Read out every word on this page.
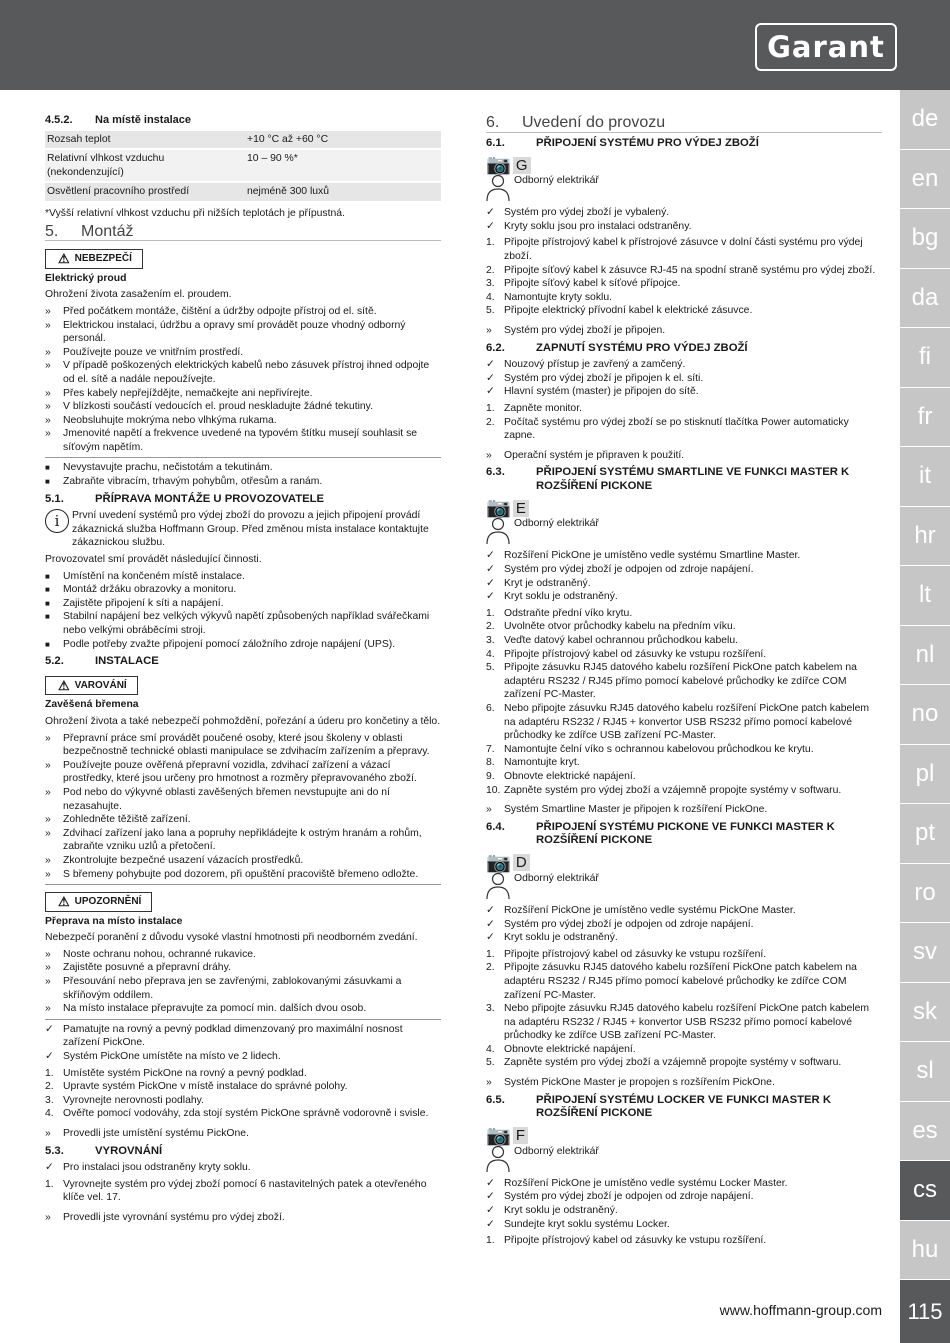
Garant
de
en
bg
da
fi
fr
it
hr
lt
nl
no
pl
pt
ro
sv
sk
sl
es
cs
hu
115
www.hoffmann-group.com
4.5.2.	Na místě instalace
Rozsah teplot	+10 °C až +60 °C
Relativní vlhkost vzduchu (nekondenzující)	10 – 90 %*
Osvětlení pracovního prostředí	nejméně 300 luxů

*Vyšší relativní vlhkost vzduchu při nižších teplotách je přípustná.

5. Montáž
⚠ NEBEZPEČÍ

Elektrický proud

Ohrožení života zasažením el. proudem.

»	Před počátkem montáže, čištění a údržby odpojte přístroj od el. sítě.
»	Elektrickou instalaci, údržbu a opravy smí provádět pouze vhodný odborný personál.
»	Používejte pouze ve vnitřním prostředí.
»	V případě poškozených elektrických kabelů nebo zásuvek přístroj ihned odpojte od el. sítě a nadále nepoužívejte.
»	Přes kabely nepřejíždějte, nemačkejte ani nepřivírejte.
»	V blízkosti součástí vedoucích el. proud neskladujte žádné tekutiny.
»	Neobsluhujte mokrýma nebo vlhkýma rukama.
»	Jmenovité napětí a frekvence uvedené na typovém štítku musejí souhlasit se síťovým napětím.
■	Nevystavujte prachu, nečistotám a tekutinám.
■	Zabraňte vibracím, trhavým pohybům, otřesům a ranám.
5.1.	PŘÍPRAVA MONTÁŽE U PROVOZOVATELE
i	První uvedení systémů pro výdej zboží do provozu a jejich připojení provádí zákaznická služba Hoffmann Group. Před změnou místa instalace kontaktujte zákaznickou službu.

Provozovatel smí provádět následující činnosti.

■	Umístění na končeném místě instalace.
■	Montáž držáku obrazovky a monitoru.
■	Zajistěte připojení k síti a napájení.
■	Stabilní napájení bez velkých výkyvů napětí způsobených například svářečkami nebo velkými obráběcími stroji.
■	Podle potřeby zvažte připojení pomocí záložního zdroje napájení (UPS).
5.2.	INSTALACE
⚠ VAROVÁNÍ

Zavěšená břemena

Ohrožení života a také nebezpečí pohmoždění, pořezání a úderu pro končetiny a tělo.

»	Přepravní práce smí provádět poučené osoby, které jsou školeny v oblasti bezpečnostně technické oblasti manipulace se zdvihacím zařízením a přepravy.
»	Používejte pouze ověřená přepravní vozidla, zdvihací zařízení a vázací prostředky, které jsou určeny pro hmotnost a rozměry přepravovaného zboží.
»	Pod nebo do výkyvné oblasti zavěšených břemen nevstupujte ani do ní nezasahujte.
»	Zohledněte těžiště zařízení.
»	Zdvihací zařízení jako lana a popruhy nepřikládejte k ostrým hranám a rohům, zabraňte vzniku uzlů a přetočení.
»	Zkontrolujte bezpečné usazení vázacích prostředků.
»	S břemeny pohybujte pod dozorem, při opuštění pracoviště břemeno odložte.
⚠ UPOZORNĚNÍ

Přeprava na místo instalace

Nebezpečí poranění z důvodu vysoké vlastní hmotnosti při neodborném zvedání.

»	Noste ochranu nohou, ochranné rukavice.
»	Zajistěte posuvné a přepravní dráhy.
»	Přesouvání nebo přeprava jen se zavřenými, zablokovanými zásuvkami a skříňovým oddílem.
»	Na místo instalace přepravujte za pomocí min. dalších dvou osob.
✓ Pamatujte na rovný a pevný podklad dimenzovaný pro maximální nosnost zařízení PickOne.
✓ Systém PickOne umístěte na místo ve 2 lidech.
1. Umístěte systém PickOne na rovný a pevný podklad.
2. Upravte systém PickOne v místě instalace do správné polohy.
3. Vyrovnejte nerovnosti podlahy.
4. Ověřte pomocí vodováhy, zda stojí systém PickOne správně vodorovně i svisle.
»	Provedli jste umístění systému PickOne.
5.3.	VYROVNÁNÍ
✓ Pro instalaci jsou odstraněny kryty soklu.
1. Vyrovnejte systém pro výdej zboží pomocí 6 nastavitelných patek a otevřeného klíče vel. 17.
»	Provedli jste vyrovnání systému pro výdej zboží.
6. Uvedení do provozu
6.1.	PŘIPOJENÍ SYSTÉMU PRO VÝDEJ ZBOŽÍ
📷 G
Odborný elektrikář
✓ Systém pro výdej zboží je vybalený.
✓ Kryty soklu jsou pro instalaci odstraněny.
1. Připojte přístrojový kabel k přístrojové zásuvce v dolní části systému pro výdej zboží.
2. Připojte síťový kabel k zásuvce RJ-45 na spodní straně systému pro výdej zboží.
3. Připojte síťový kabel k síťové přípojce.
4. Namontujte kryty soklu.
5. Připojte elektrický přívodní kabel k elektrické zásuvce.
»	Systém pro výdej zboží je připojen.
6.2.	ZAPNUTÍ SYSTÉMU PRO VÝDEJ ZBOŽÍ
✓ Nouzový přístup je zavřený a zamčený.
✓ Systém pro výdej zboží je připojen k el. síti.
✓ Hlavní systém (master) je připojen do sítě.
1. Zapněte monitor.
2. Počítač systému pro výdej zboží se po stisknutí tlačítka Power automaticky zapne.
»	Operační systém je připraven k použití.
6.3.	PŘIPOJENÍ SYSTÉMU SMARTLINE VE FUNKCI MASTER K ROZŠÍŘENÍ PICKONE
📷 E
Odborný elektrikář
✓ Rozšíření PickOne je umístěno vedle systému Smartline Master.
✓ Systém pro výdej zboží je odpojen od zdroje napájení.
✓ Kryt je odstraněný.
✓ Kryt soklu je odstraněný.
1. Odstraňte přední víko krytu.
2. Uvolněte otvor průchodky kabelu na předním víku.
3. Veďte datový kabel ochrannou průchodkou kabelu.
4. Připojte přístrojový kabel od zásuvky ke vstupu rozšíření.
5. Připojte zásuvku RJ45 datového kabelu rozšíření PickOne patch kabelem na adaptéru RS232 / RJ45 přímo pomocí kabelové průchodky ke zdířce COM zařízení PC-Master.
6. Nebo připojte zásuvku RJ45 datového kabelu rozšíření PickOne patch kabelem na adaptéru RS232 / RJ45 + konvertor USB RS232 přímo pomocí kabelové průchodky ke zdířce USB zařízení PC-Master.
7. Namontujte čelní víko s ochrannou kabelovou průchodkou ke krytu.
8. Namontujte kryt.
9. Obnovte elektrické napájení.
10. Zapněte systém pro výdej zboží a vzájemně propojte systémy v softwaru.
»	Systém Smartline Master je připojen k rozšíření PickOne.
6.4.	PŘIPOJENÍ SYSTÉMU PICKONE VE FUNKCI MASTER K ROZŠÍŘENÍ PICKONE
📷 D
Odborný elektrikář
✓ Rozšíření PickOne je umístěno vedle systému PickOne Master.
✓ Systém pro výdej zboží je odpojen od zdroje napájení.
✓ Kryt soklu je odstraněný.
1. Připojte přístrojový kabel od zásuvky ke vstupu rozšíření.
2. Připojte zásuvku RJ45 datového kabelu rozšíření PickOne patch kabelem na adaptéru RS232 / RJ45 přímo pomocí kabelové průchodky ke zdířce COM zařízení PC-Master.
3. Nebo připojte zásuvku RJ45 datového kabelu rozšíření PickOne patch kabelem na adaptéru RS232 / RJ45 + konvertor USB RS232 přímo pomocí kabelové průchodky ke zdířce USB zařízení PC-Master.
4. Obnovte elektrické napájení.
5. Zapněte systém pro výdej zboží a vzájemně propojte systémy v softwaru.
»	Systém PickOne Master je propojen s rozšířením PickOne.
6.5.	PŘIPOJENÍ SYSTÉMU LOCKER VE FUNKCI MASTER K ROZŠÍŘENÍ PICKONE
📷 F
Odborný elektrikář
✓ Rozšíření PickOne je umístěno vedle systému Locker Master.
✓ Systém pro výdej zboží je odpojen od zdroje napájení.
✓ Kryt soklu je odstraněný.
✓ Sundejte kryt soklu systému Locker.
1. Připojte přístrojový kabel od zásuvky ke vstupu rozšíření.
